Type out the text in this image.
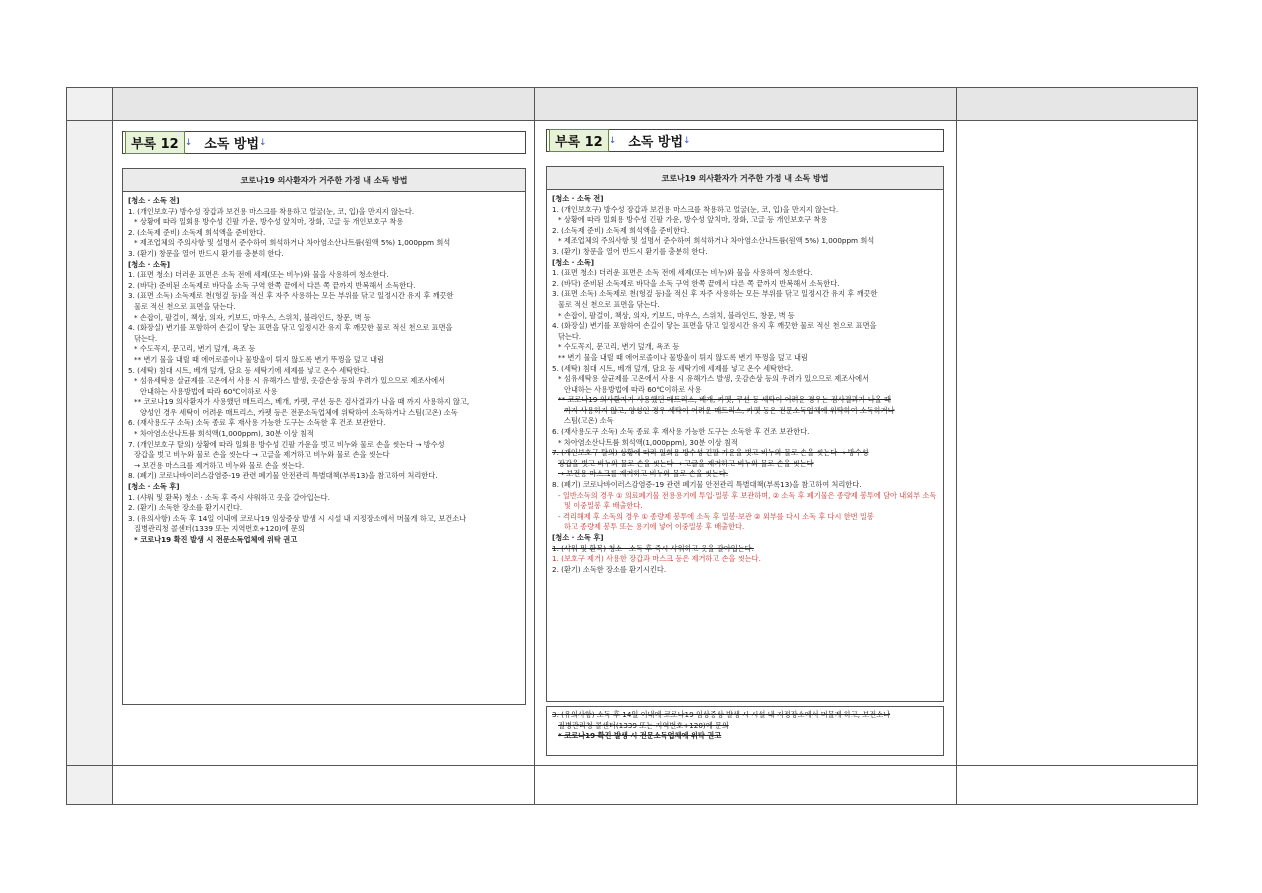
부록 12 ↓ 소독 방법 ↓	부록 12 ↓ 소독 방법 ↓
코로나19 의사환자가 거주한 가정 내 소독 방법
[청소 · 소독 전]
1. (개인보호구) 방수성 장갑과 보건용 마스크를 착용하고 얼굴(눈, 코, 입)을 만지지 않는다.
* 상황에 따라 일회용 방수성 긴팔 가운, 방수성 앞치마, 장화, 고글 등 개인보호구 착용
2. (소독제 준비) 소독제 희석액을 준비한다.
* 제조업체의 주의사항 및 설명서 준수하여 희석하거나 차아염소산나트륨(원액 5%) 1,000ppm 희석
3. (환기) 창문을 열어 반드시 환기를 충분히 한다.
[청소 · 소독]
1. (표면 청소) 더러운 표면은 소독 전에 세제(또는 비누)와 물을 사용하여 청소한다.
2. (바닥) 준비된 소독제로 바닥을 소독 구역 한쪽 끝에서 다른 쪽 끝까지 반복해서 소독한다.
3. (표면 소독) 소독제로 천(헝겊 등)을 적신 후 자주 사용하는 모든 부위를 닦고 일정시간 유지 후 깨끗한
물로 적신 천으로 표면을 닦는다.
* 손잡이, 팔걸이, 책상, 의자, 키보드, 마우스, 스위치, 블라인드, 창문, 벽 등
4. (화장실) 변기를 포함하여 손길이 닿는 표면을 닦고 일정시간 유지 후 깨끗한 물로 적신 천으로 표면을
닦는다.
* 수도꼭지, 문고리, 변기 덮개, 욕조 등
** 변기 물을 내릴 때 에어로졸이나 물방울이 튀지 않도록 변기 뚜껑을 덮고 내림
5. (세탁) 침대 시트, 베개 덮개, 담요 등 세탁기에 세제를 넣고 온수 세탁한다.
* 섬유세탁용 살균제를 고온에서 사용 시 유해가스 발생, 옷감손상 등의 우려가 있으므로 제조사에서
안내하는 사용방법에 따라 60℃이하로 사용
** 코로나19 의사환자가 사용했던 매트리스, 베개, 카펫, 쿠션 등은 검사결과가 나올 때 까지 사용하지 않고,
양성인 경우 세탁이 어려운 매트리스, 카펫 등은 전문소독업체에 위탁하여 소독하거나 스팀(고온) 소독
6. (재사용도구 소독) 소독 종료 후 재사용 가능한 도구는 소독한 후 건조 보관한다.
* 차아염소산나트륨 희석액(1,000ppm), 30분 이상 침적
7. (개인보호구 탈의) 상황에 따라 일회용 방수성 긴팔 가운을 벗고 비누와 물로 손을 씻는다 → 방수성
장갑을 벗고 비누와 물로 손을 씻는다 → 고글을 제거하고 비누와 물로 손을 씻는다
→ 보건용 마스크를 제거하고 비누와 물로 손을 씻는다.
8. (폐기) 코로나바이러스감염증-19 관련 폐기물 안전관리 특별대책(부록13)을 참고하여 처리한다.
[청소 · 소독 후]
1. (샤워 및 환복) 청소 · 소독 후 즉시 샤워하고 옷을 갈아입는다.
2. (환기) 소독한 장소를 환기시킨다.
3. (유의사항) 소독 후 14일 이내에 코로나19 임상증상 발생 시 시설 내 지정장소에서 머물게 하고, 보건소나
질병관리청 콜센터(1339 또는 지역번호+120)에 문의
* 코로나19 확진 발생 시 전문소독업체에 위탁 권고
코로나19 의사환자가 거주한 가정 내 소독 방법
[청소 · 소독 전]
1. (개인보호구) 방수성 장갑과 보건용 마스크를 착용하고 얼굴(눈, 코, 입)을 만지지 않는다.
* 상황에 따라 일회용 방수성 긴팔 가운, 방수성 앞치마, 장화, 고글 등 개인보호구 착용
2. (소독제 준비) 소독제 희석액을 준비한다.
* 제조업체의 주의사항 및 설명서 준수하여 희석하거나 차아염소산나트륨(원액 5%) 1,000ppm 희석
3. (환기) 창문을 열어 반드시 환기를 충분히 한다.
[청소 · 소독]
1. (표면 청소) 더러운 표면은 소독 전에 세제(또는 비누)와 물을 사용하여 청소한다.
2. (바닥) 준비된 소독제로 바닥을 소독 구역 한쪽 끝에서 다른 쪽 끝까지 반복해서 소독한다.
3. (표면 소독) 소독제로 천(헝겊 등)을 적신 후 자주 사용하는 모든 부위를 닦고 일정시간 유지 후 깨끗한
물로 적신 천으로 표면을 닦는다.
* 손잡이, 팔걸이, 책상, 의자, 키보드, 마우스, 스위치, 블라인드, 창문, 벽 등
4. (화장실) 변기를 포함하여 손길이 닿는 표면을 닦고 일정시간 유지 후 깨끗한 물로 적신 천으로 표면을
닦는다.
* 수도꼭지, 문고리, 변기 덮개, 욕조 등
** 변기 물을 내릴 때 에어로졸이나 물방울이 튀지 않도록 변기 뚜껑을 덮고 내림
5. (세탁) 침대 시트, 베개 덮개, 담요 등 세탁기에 세제를 넣고 온수 세탁한다.
* 섬유세탁용 살균제를 고온에서 사용 시 유해가스 발생, 옷감손상 등의 우려가 있으므로 제조사에서
안내하는 사용방법에 따라 60℃이하로 사용
** 코로나19 의사환자가 사용했던 매트리스, 베개, 카펫, 쿠션 등 세탁이 어려운 경우는 검사결과가 나올 때
까지 사용하지 않고, 양성인 경우 세탁이 어려운 매트리스, 카펫 등은 전문소독업체에 위탁하여 소독하거나
스팀(고온) 소독
6. (재사용도구 소독) 소독 종료 후 재사용 가능한 도구는 소독한 후 건조 보관한다.
* 차아염소산나트륨 희석액(1,000ppm), 30분 이상 침적
7. (개인보호구 탈의) 상황에 따라 일회용 방수성 긴팔 가운을 벗고 비누와 물로 손을 씻는다 → 방수성
장갑을 벗고 비누와 물로 손을 씻는다 → 고글을 제거하고 비누와 물로 손을 씻는다
→ 보건용 마스크를 제거하고 비누와 물로 손을 씻는다.
8. (폐기) 코로나바이러스감염증-19 관련 폐기물 안전관리 특별대책(부록13)을 참고하여 처리한다.
- 일반소독의 경우 ① 의료폐기물 전용용기에 투입·밀봉 후 보관하며, ② 소독 후 폐기물은 종량제 봉투에 담아 내외부 소독
및 이중밀봉 후 배출한다.
- 격리해제 후 소독의 경우 ① 종량제 봉투에 소독 후 밀봉·보관 ② 외부를 다시 소독 후 다시 한번 밀봉
하고 종량제 봉투 또는 용기에 넣어 이중밀봉 후 배출한다.
[청소 · 소독 후]
1. (샤워 및 환복) 청소 · 소독 후 즉시 샤워하고 옷을 갈아입는다.
1. (보호구 제거) 사용한 장갑과 마스크 등은 제거하고 손을 씻는다.
2. (환기) 소독한 장소를 환기시킨다.
3. (유의사항) 소독 후 14일 이내에 코로나19 임상증상 발생 시 시설 내 지정장소에서 머물게 하고, 보건소나
질병관리청 콜센터(1339 또는 지역번호+120)에 문의
* 코로나19 확진 발생 시 전문소독업체에 위탁 권고
